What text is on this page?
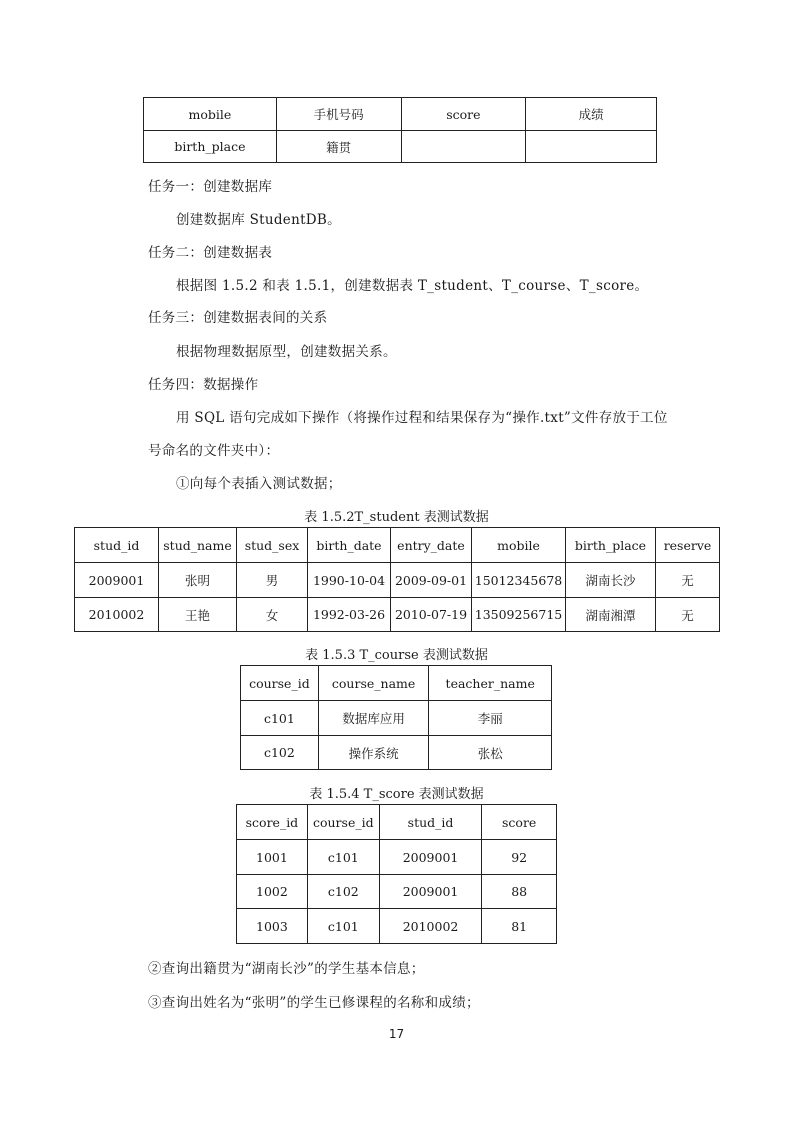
mobile	手机号码	score	成绩
birth_place	籍贯		
任务一：创建数据库
创建数据库 StudentDB。
任务二：创建数据表
根据图 1.5.2 和表 1.5.1，创建数据表 T_student、T_course、T_score。
任务三：创建数据表间的关系
根据物理数据原型，创建数据关系。
任务四：数据操作
用 SQL 语句完成如下操作（将操作过程和结果保存为“操作.txt”文件存放于工位
号命名的文件夹中）：
①向每个表插入测试数据；
表 1.5.2T_student 表测试数据
stud_id	stud_name	stud_sex	birth_date	entry_date	mobile	birth_place	reserve
2009001	张明	男	1990-10-04	2009-09-01	15012345678	湖南长沙	无
2010002	王艳	女	1992-03-26	2010-07-19	13509256715	湖南湘潭	无
表 1.5.3 T_course 表测试数据
course_id	course_name	teacher_name
c101	数据库应用	李丽
c102	操作系统	张松
表 1.5.4 T_score 表测试数据
score_id	course_id	stud_id	score
1001	c101	2009001	92
1002	c102	2009001	88
1003	c101	2010002	81
②查询出籍贯为“湖南长沙”的学生基本信息；
③查询出姓名为“张明”的学生已修课程的名称和成绩；
17
